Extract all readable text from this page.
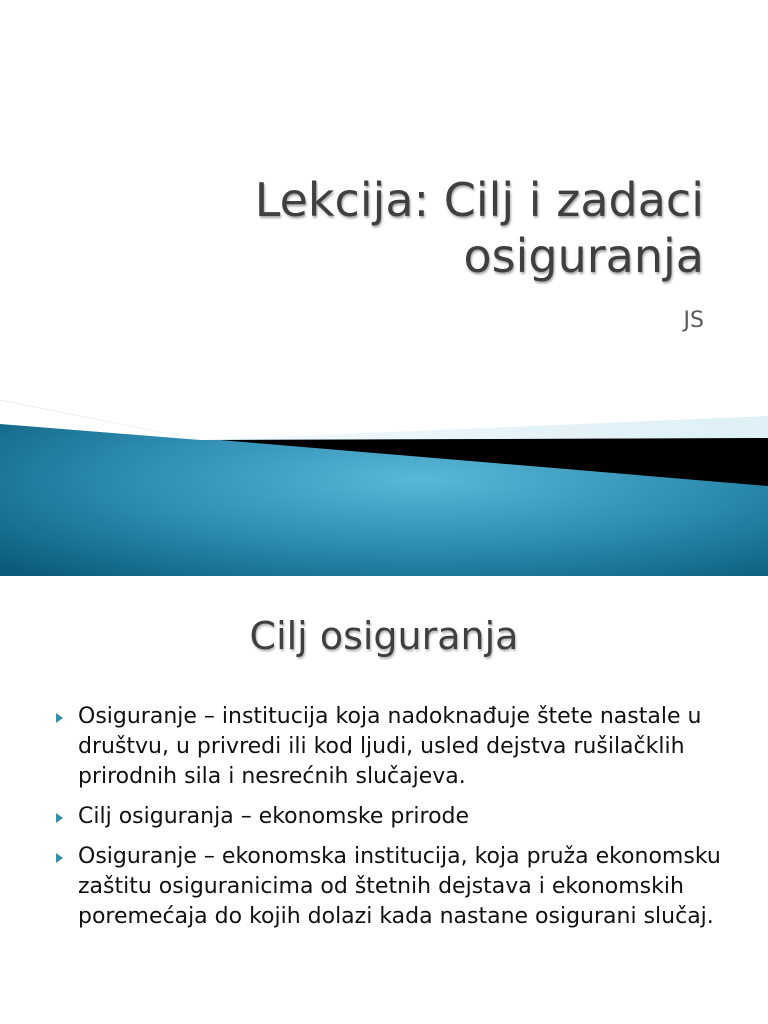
Lekcija: Cilj i zadaci
osiguranja

JS

Cilj osiguranja
Osiguranje – institucija koja nadoknađuje štete nastale u društvu, u privredi ili kod ljudi, usled dejstva rušilačklih prirodnih sila i nesrećnih slučajeva.
Cilj osiguranja – ekonomske prirode
Osiguranje – ekonomska institucija, koja pruža ekonomsku zaštitu osiguranicima od štetnih dejstava i ekonomskih poremećaja do kojih dolazi kada nastane osigurani slučaj.
